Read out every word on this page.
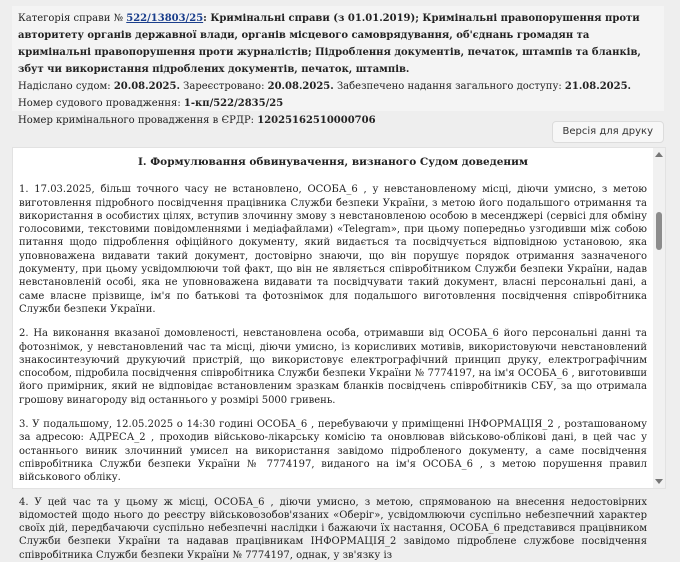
Категорія справи № 522/13803/25: Кримінальні справи (з 01.01.2019); Кримінальні правопорушення проти авторитету органів державної влади, органів місцевого самоврядування, об'єднань громадян та кримінальні правопорушення проти журналістів; Підроблення документів, печаток, штампів та бланків, збут чи використання підроблених документів, печаток, штампів.

Надіслано судом: 20.08.2025. Зареєстровано: 20.08.2025. Забезпечено надання загального доступу: 21.08.2025.

Номер судового провадження: 1-кп/522/2835/25

Номер кримінального провадження в ЄРДР: 12025162510000706

Версія для друку
I. Формулювання обвинувачення, визнаного Судом доведеним

1. 17.03.2025, більш точного часу не встановлено, ОСОБА_6 , у невстановленому місці, діючи умисно, з метою виготовлення підробного посвідчення працівника Служби безпеки України, з метою його подальшого отримання та використання в особистих цілях, вступив злочинну змову з невстановленою особою в месенджері (сервісі для обміну голосовими, текстовими повідомленнями і медіафайлами) «Telegram», при цьому попередньо узгодивши між собою питання щодо підроблення офіційного документу, який видається та посвідчується відповідною установою, яка уповноважена видавати такий документ, достовірно знаючи, що він порушує порядок отримання зазначеного документу, при цьому усвідомлюючи той факт, що він не являється співробітником Служби безпеки України, надав невстановленій особі, яка не уповноважена видавати та посвідчувати такий документ, власні персональні дані, а саме власне прізвище, ім'я по батькові та фотознімок для подальшого виготовлення посвідчення співробітника Служби безпеки України.

2. На виконання вказаної домовленості, невстановлена особа, отримавши від ОСОБА_6 його персональні данні та фотознімок, у невстановлений час та місці, діючи умисно, із корисливих мотивів, використовуючи невстановлений знакосинтезуючий друкуючий пристрій, що використовує електрографічний принцип друку, електрографічним способом, підробила посвідчення співробітника Служби безпеки України № 7774197, на ім'я ОСОБА_6 , виготовивши його примірник, який не відповідає встановленим зразкам бланків посвідчень співробітників СБУ, за що отримала грошову винагороду від останнього у розмірі 5000 гривень.

3. У подальшому, 12.05.2025 о 14:30 годині ОСОБА_6 , перебуваючи у приміщенні ІНФОРМАЦІЯ_2 , розташованому за адресою: АДРЕСА_2 , проходив військово-лікарську комісію та оновлював військово-облікові дані, в цей час у останнього виник злочинний умисел на використання завідомо підробленого документу, а саме посвідчення співробітника Служби безпеки України № 7774197, виданого на ім'я ОСОБА_6 , з метою порушення правил військового обліку.

4. У цей час та у цьому ж місці, ОСОБА_6 , діючи умисно, з метою, спрямованою на внесення недостовірних відомостей щодо нього до реєстру військовозобов'язаних «Оберіг», усвідомлюючи суспільно небезпечний характер своїх дій, передбачаючи суспільно небезпечні наслідки і бажаючи їх настання, ОСОБА_6 представився працівником Служби безпеки України та надавав працівникам ІНФОРМАЦІЯ_2 завідомо підроблене службове посвідчення співробітника Служби безпеки України № 7774197, однак, у зв'язку із
